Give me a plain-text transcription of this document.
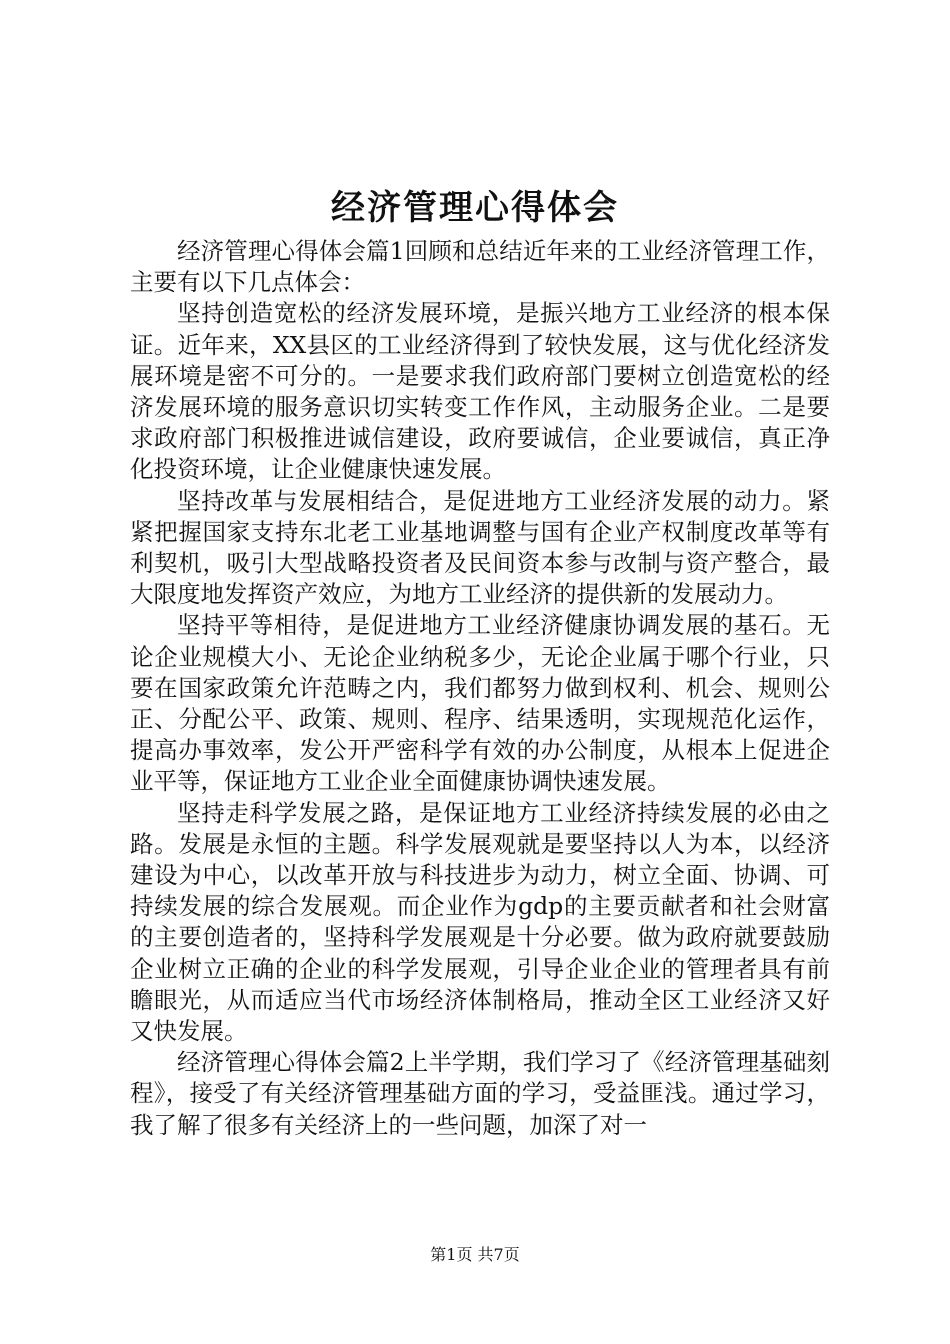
经济管理心得体会

经济管理心得体会篇1回顾和总结近年来的工业经济管理工作，主要有以下几点体会：

坚持创造宽松的经济发展环境，是振兴地方工业经济的根本保证。近年来，XX县区的工业经济得到了较快发展，这与优化经济发展环境是密不可分的。一是要求我们政府部门要树立创造宽松的经济发展环境的服务意识切实转变工作作风，主动服务企业。二是要求政府部门积极推进诚信建设，政府要诚信，企业要诚信，真正净化投资环境，让企业健康快速发展。

坚持改革与发展相结合，是促进地方工业经济发展的动力。紧紧把握国家支持东北老工业基地调整与国有企业产权制度改革等有利契机，吸引大型战略投资者及民间资本参与改制与资产整合，最大限度地发挥资产效应，为地方工业经济的提供新的发展动力。

坚持平等相待，是促进地方工业经济健康协调发展的基石。无论企业规模大小、无论企业纳税多少，无论企业属于哪个行业，只要在国家政策允许范畴之内，我们都努力做到权利、机会、规则公正、分配公平、政策、规则、程序、结果透明，实现规范化运作，提高办事效率，发公开严密科学有效的办公制度，从根本上促进企业平等，保证地方工业企业全面健康协调快速发展。

坚持走科学发展之路，是保证地方工业经济持续发展的必由之路。发展是永恒的主题。科学发展观就是要坚持以人为本，以经济建设为中心，以改革开放与科技进步为动力，树立全面、协调、可持续发展的综合发展观。而企业作为gdp的主要贡献者和社会财富的主要创造者的，坚持科学发展观是十分必要。做为政府就要鼓励企业树立正确的企业的科学发展观，引导企业企业的管理者具有前瞻眼光，从而适应当代市场经济体制格局，推动全区工业经济又好又快发展。

经济管理心得体会篇2上半学期，我们学习了《经济管理基础刻程》，接受了有关经济管理基础方面的学习，受益匪浅。通过学习，我了解了很多有关经济上的一些问题，加深了对一

第1页 共7页
